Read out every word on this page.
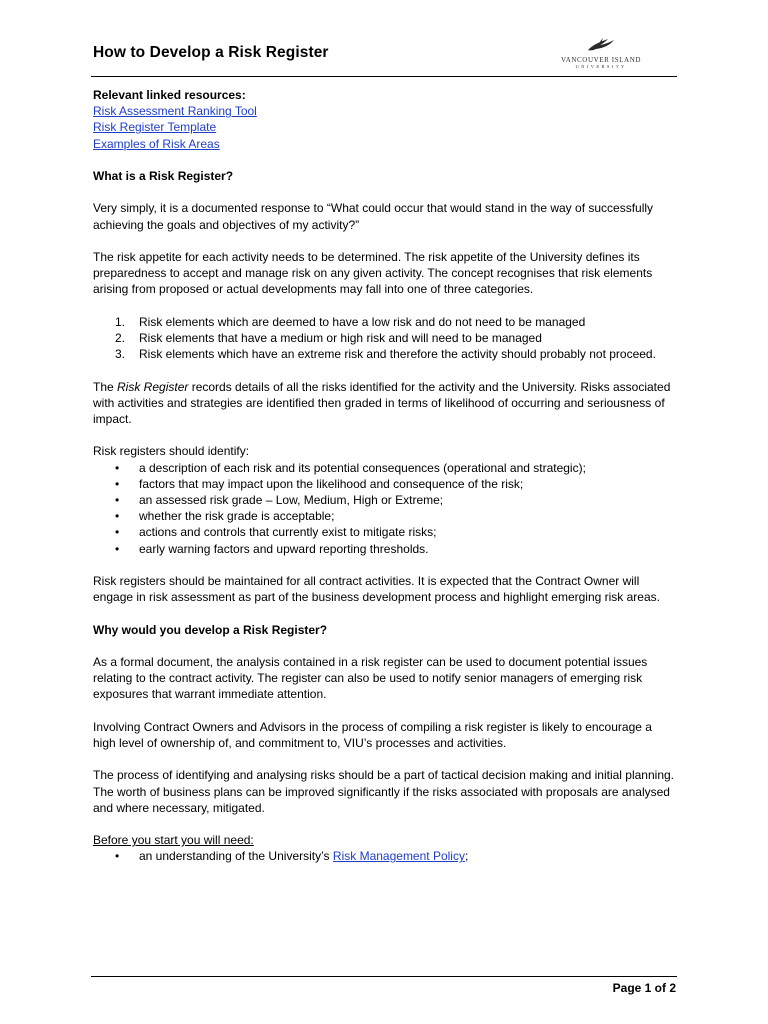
How to Develop a Risk Register	VANCOUVER ISLAND
UNIVERSITY

Relevant linked resources:

Risk Assessment Ranking Tool

Risk Register Template

Examples of Risk Areas

What is a Risk Register?

Very simply, it is a documented response to “What could occur that would stand in the way of successfully achieving the goals and objectives of my activity?”

The risk appetite for each activity needs to be determined. The risk appetite of the University defines its preparedness to accept and manage risk on any given activity. The concept recognises that risk elements arising from proposed or actual developments may fall into one of three categories.

1. Risk elements which are deemed to have a low risk and do not need to be managed
2. Risk elements that have a medium or high risk and will need to be managed
3. Risk elements which have an extreme risk and therefore the activity should probably not proceed.

The Risk Register records details of all the risks identified for the activity and the University. Risks associated with activities and strategies are identified then graded in terms of likelihood of occurring and seriousness of impact.

Risk registers should identify:

• a description of each risk and its potential consequences (operational and strategic);
• factors that may impact upon the likelihood and consequence of the risk;
• an assessed risk grade – Low, Medium, High or Extreme;
• whether the risk grade is acceptable;
• actions and controls that currently exist to mitigate risks;
• early warning factors and upward reporting thresholds.

Risk registers should be maintained for all contract activities. It is expected that the Contract Owner will engage in risk assessment as part of the business development process and highlight emerging risk areas.

Why would you develop a Risk Register?

As a formal document, the analysis contained in a risk register can be used to document potential issues relating to the contract activity. The register can also be used to notify senior managers of emerging risk exposures that warrant immediate attention.

Involving Contract Owners and Advisors in the process of compiling a risk register is likely to encourage a high level of ownership of, and commitment to, VIU’s processes and activities.

The process of identifying and analysing risks should be a part of tactical decision making and initial planning. The worth of business plans can be improved significantly if the risks associated with proposals are analysed and where necessary, mitigated.

Before you start you will need:

• an understanding of the University’s Risk Management Policy;
Page 1 of 2
